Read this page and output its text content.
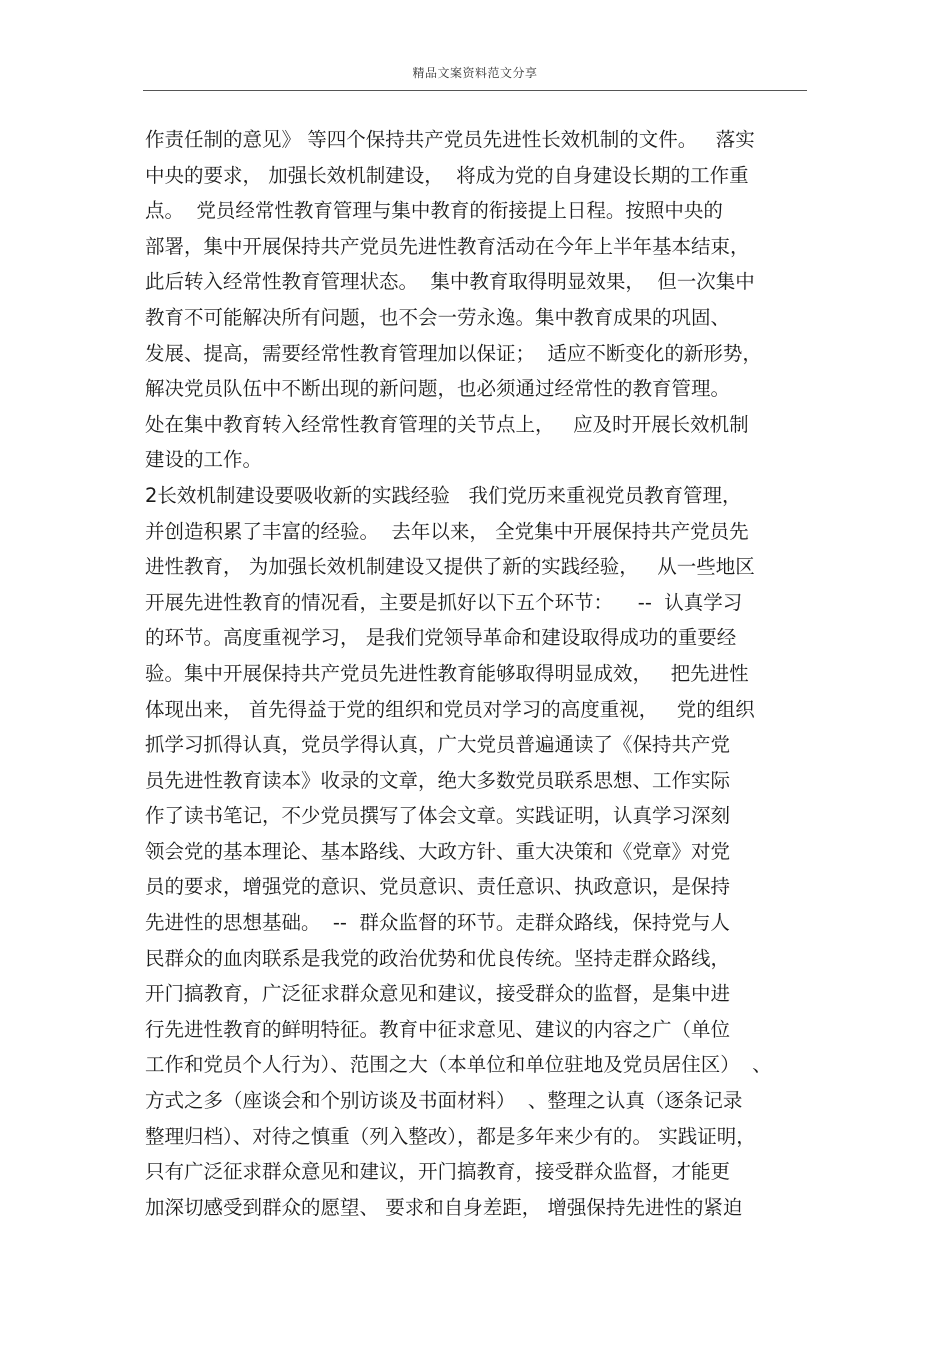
精品文案资料范文分享
作责任制的意见》 等四个保持共产党员先进性长效机制的文件。   落实
中央的要求， 加强长效机制建设，  将成为党的自身建设长期的工作重
点。  党员经常性教育管理与集中教育的衔接提上日程。按照中央的
部署，集中开展保持共产党员先进性教育活动在今年上半年基本结束，
此后转入经常性教育管理状态。  集中教育取得明显效果，  但一次集中
教育不可能解决所有问题，也不会一劳永逸。集中教育成果的巩固、
发展、提高，需要经常性教育管理加以保证；  适应不断变化的新形势，
解决党员队伍中不断出现的新问题，也必须通过经常性的教育管理。
处在集中教育转入经常性教育管理的关节点上，   应及时开展长效机制
建设的工作。
2长效机制建设要吸收新的实践经验   我们党历来重视党员教育管理，
并创造积累了丰富的经验。  去年以来， 全党集中开展保持共产党员先
进性教育， 为加强长效机制建设又提供了新的实践经验，   从一些地区
开展先进性教育的情况看，主要是抓好以下五个环节：    --  认真学习
的环节。高度重视学习， 是我们党领导革命和建设取得成功的重要经
验。集中开展保持共产党员先进性教育能够取得明显成效，   把先进性
体现出来， 首先得益于党的组织和党员对学习的高度重视，   党的组织
抓学习抓得认真，党员学得认真，广大党员普遍通读了《保持共产党
员先进性教育读本》收录的文章，绝大多数党员联系思想、工作实际
作了读书笔记，不少党员撰写了体会文章。实践证明，认真学习深刻
领会党的基本理论、基本路线、大政方针、重大决策和《党章》对党
员的要求，增强党的意识、党员意识、责任意识、执政意识，是保持
先进性的思想基础。  --  群众监督的环节。走群众路线，保持党与人
民群众的血肉联系是我党的政治优势和优良传统。坚持走群众路线，
开门搞教育，广泛征求群众意见和建议，接受群众的监督，是集中进
行先进性教育的鲜明特征。教育中征求意见、建议的内容之广（单位
工作和党员个人行为）、范围之大（本单位和单位驻地及党员居住区）  、
方式之多（座谈会和个别访谈及书面材料）  、整理之认真（逐条记录
整理归档）、对待之慎重（列入整改），都是多年来少有的。 实践证明，
只有广泛征求群众意见和建议，开门搞教育，接受群众监督，才能更
加深切感受到群众的愿望、 要求和自身差距， 增强保持先进性的紧迫
